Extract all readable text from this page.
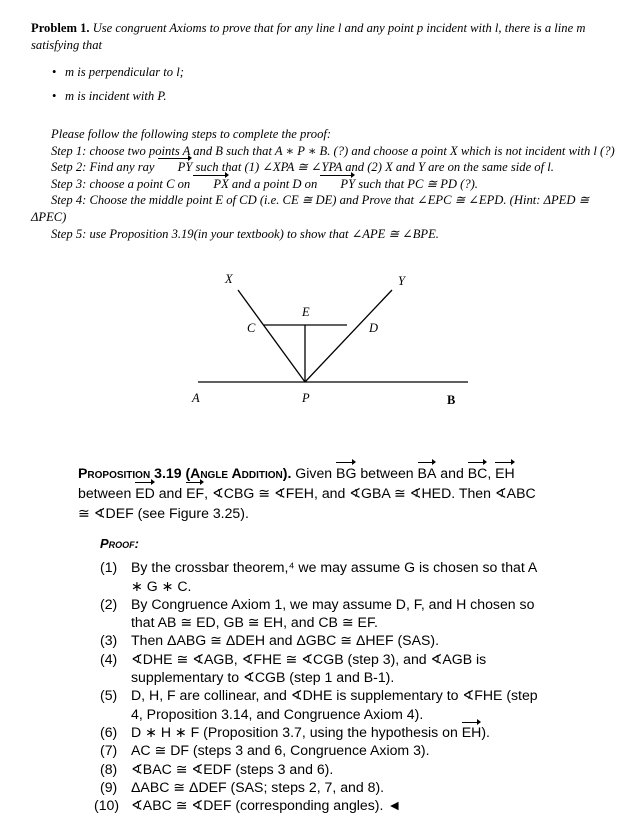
Problem 1. Use congruent Axioms to prove that for any line l and any point p incident with l, there is a line m satisfying that
• m is perpendicular to l;
• m is incident with P.

Please follow the following steps to complete the proof:

Step 1: choose two points A and B such that A ∗ P ∗ B. (?) and choose a point X which is not incident with l (?)

Setp 2: Find any ray PY such that (1) ∠XPA ≅ ∠YPA and (2) X and Y are on the same side of l.

Step 3: choose a point C on PX and a point D on PY such that PC ≅ PD (?).

Step 4: Choose the middle point E of CD (i.e. CE ≅ DE) and Prove that ∠EPC ≅ ∠EPD. (Hint: ΔPED ≅ ΔPEC)

Step 5: use Proposition 3.19(in your textbook) to show that ∠APE ≅ ∠BPE.

X	Y
E
C	D
A	P	B
Proposition 3.19 (Angle Addition). Given BG between BA and BC, EH between ED and EF, ∢CBG ≅ ∢FEH, and ∢GBA ≅ ∢HED. Then ∢ABC ≅ ∢DEF (see Figure 3.25).
Proof:
(1) By the crossbar theorem,⁴ we may assume G is chosen so that A ∗ G ∗ C.
(2) By Congruence Axiom 1, we may assume D, F, and H chosen so that AB ≅ ED, GB ≅ EH, and CB ≅ EF.
(3) Then ΔABG ≅ ΔDEH and ΔGBC ≅ ΔHEF (SAS).
(4) ∢DHE ≅ ∢AGB, ∢FHE ≅ ∢CGB (step 3), and ∢AGB is supplementary to ∢CGB (step 1 and B-1).
(5) D, H, F are collinear, and ∢DHE is supplementary to ∢FHE (step 4, Proposition 3.14, and Congruence Axiom 4).
(6) D ∗ H ∗ F (Proposition 3.7, using the hypothesis on EH).
(7) AC ≅ DF (steps 3 and 6, Congruence Axiom 3).
(8) ∢BAC ≅ ∢EDF (steps 3 and 6).
(9) ΔABC ≅ ΔDEF (SAS; steps 2, 7, and 8).
(10) ∢ABC ≅ ∢DEF (corresponding angles). ◄
